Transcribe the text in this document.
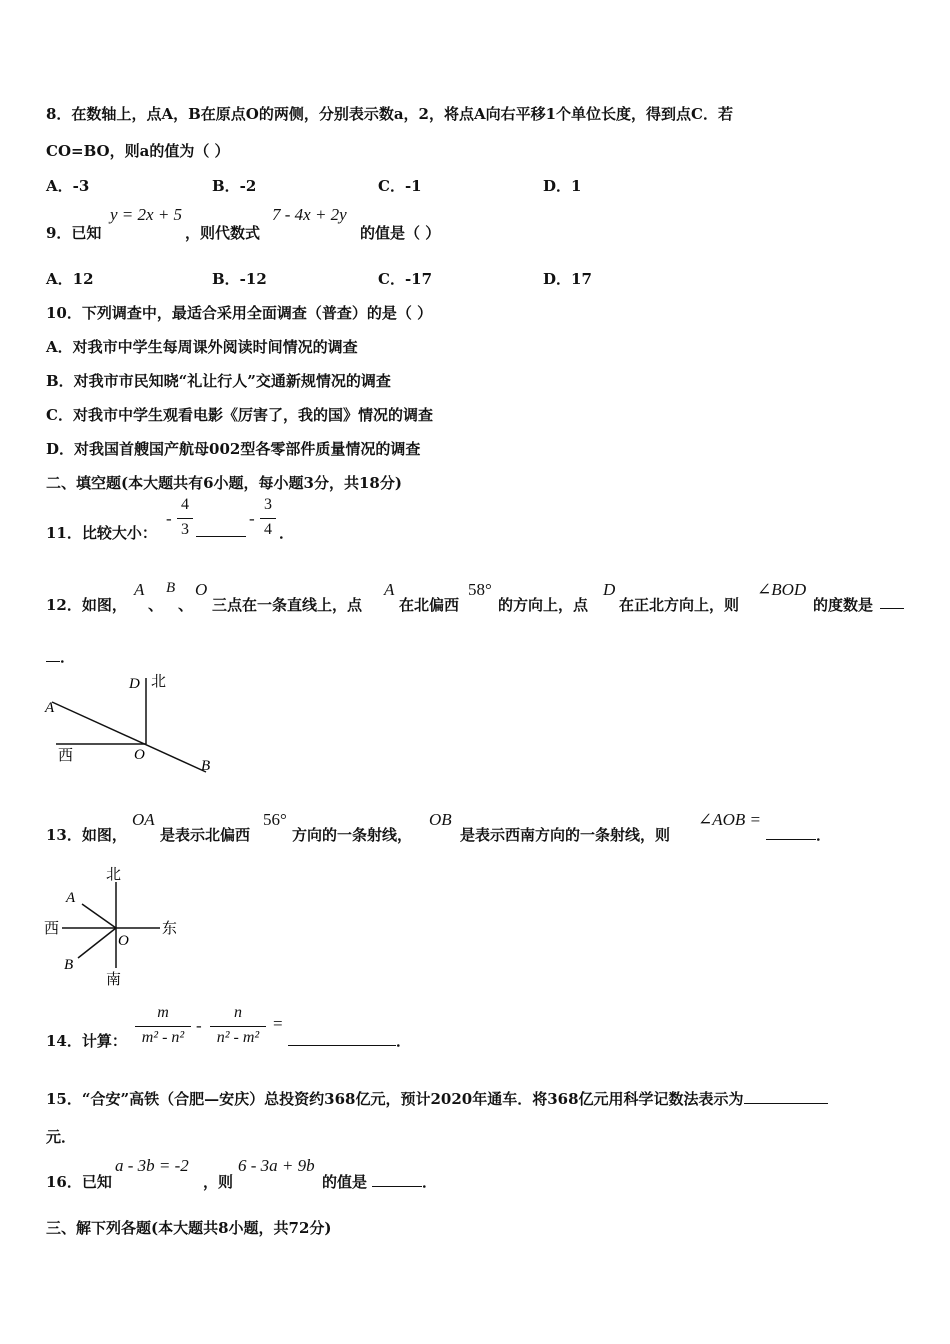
8．在数轴上，点A，B在原点O的两侧，分别表示数a，2，将点A向右平移1个单位长度，得到点C．若
CO=BO，则a的值为（ ）
A．-3	B．-2	C．-1	D．1
9．已知
y = 2x + 5
，则代数式
7 - 4x + 2y
的值是（ ）
A．12	B．-12	C．-17	D．17
10．下列调查中，最适合采用全面调查（普查）的是（ ）
A．对我市中学生每周课外阅读时间情况的调查
B．对我市市民知晓“礼让行人”交通新规情况的调查
C．对我市中学生观看电影《厉害了，我的国》情况的调查
D．对我国首艘国产航母002型各零部件质量情况的调查
二、填空题(本大题共有6小题，每小题3分，共18分)
11．比较大小：
-
4
3
-
3
4 ．
12．如图，
A
、
B
、
O
三点在一条直线上，点
A
在北偏西
58°
的方向上，点
D
在正北方向上，则
∠BOD
的度数是
．
D 北
A
西	O
B
13．如图，
OA
是表示北偏西
56°
方向的一条射线，
OB
是表示西南方向的一条射线，则
∠AOB =
．
北
A
西
O
东
B
南
14．计算：
m
m² - n²
-
n
n² - m²
=
．
15．“合安”高铁（合肥—安庆）总投资约368亿元，预计2020年通车．将368亿元用科学记数法表示为
元．
16．已知
a - 3b = -2
，则
6 - 3a + 9b
的值是	．
三、解下列各题(本大题共8小题，共72分)
